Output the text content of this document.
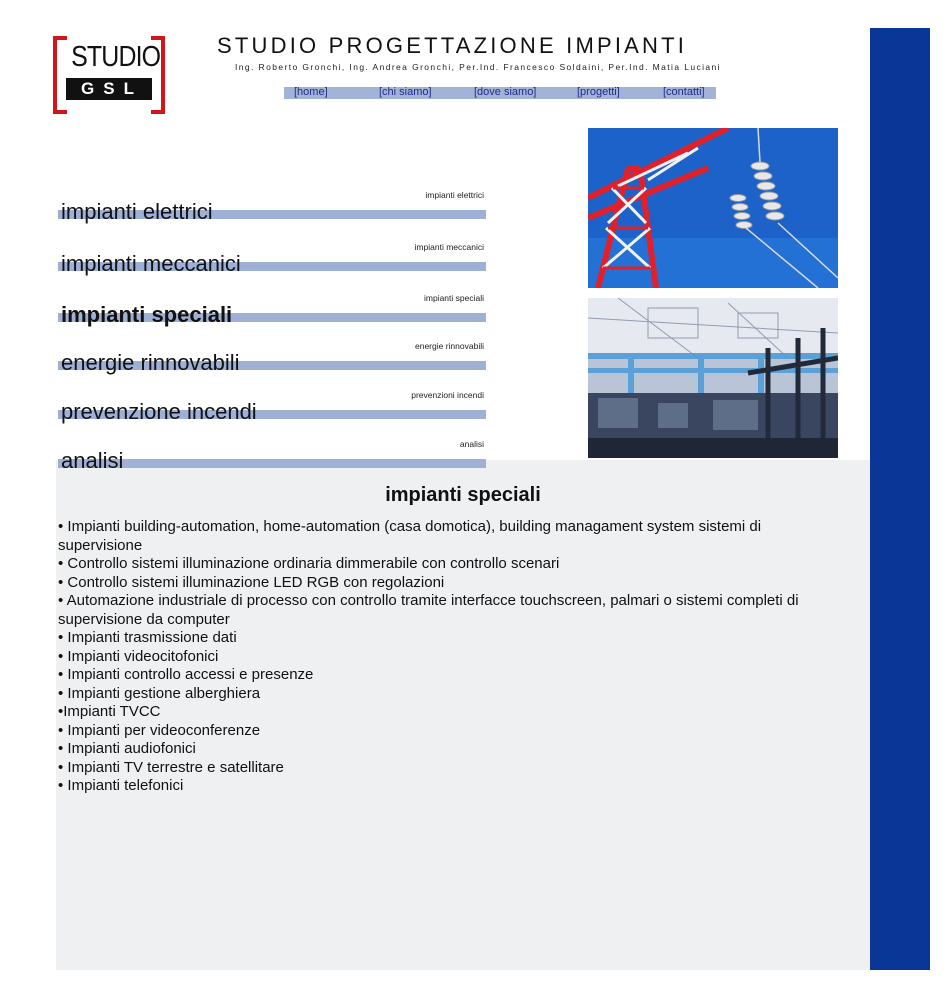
STUDIO
GSL
STUDIO PROGETTAZIONE IMPIANTI
Ing. Roberto Gronchi, Ing. Andrea Gronchi, Per.Ind. Francesco Soldaini, Per.Ind. Matia Luciani
[home]	[chi siamo]	[dove siamo]	[progetti]	[contatti]
impianti elettrici
impianti elettrici
impianti meccanici
impianti meccanici
impianti speciali
impianti speciali
energie rinnovabili
energie rinnovabili
prevenzioni incendi
prevenzione incendi
analisi
analisi
impianti speciali
• Impianti building-automation, home-automation (casa domotica), building managament system sistemi di supervisione
• Controllo sistemi illuminazione ordinaria dimmerabile con controllo scenari
• Controllo sistemi illuminazione LED RGB con regolazioni
• Automazione industriale di processo con controllo tramite interfacce touchscreen, palmari o sistemi completi di supervisione da computer
• Impianti trasmissione dati
• Impianti videocitofonici
• Impianti controllo accessi e presenze
• Impianti gestione alberghiera
•Impianti TVCC
• Impianti per videoconferenze
• Impianti audiofonici
• Impianti TV terrestre e satellitare
• Impianti telefonici
